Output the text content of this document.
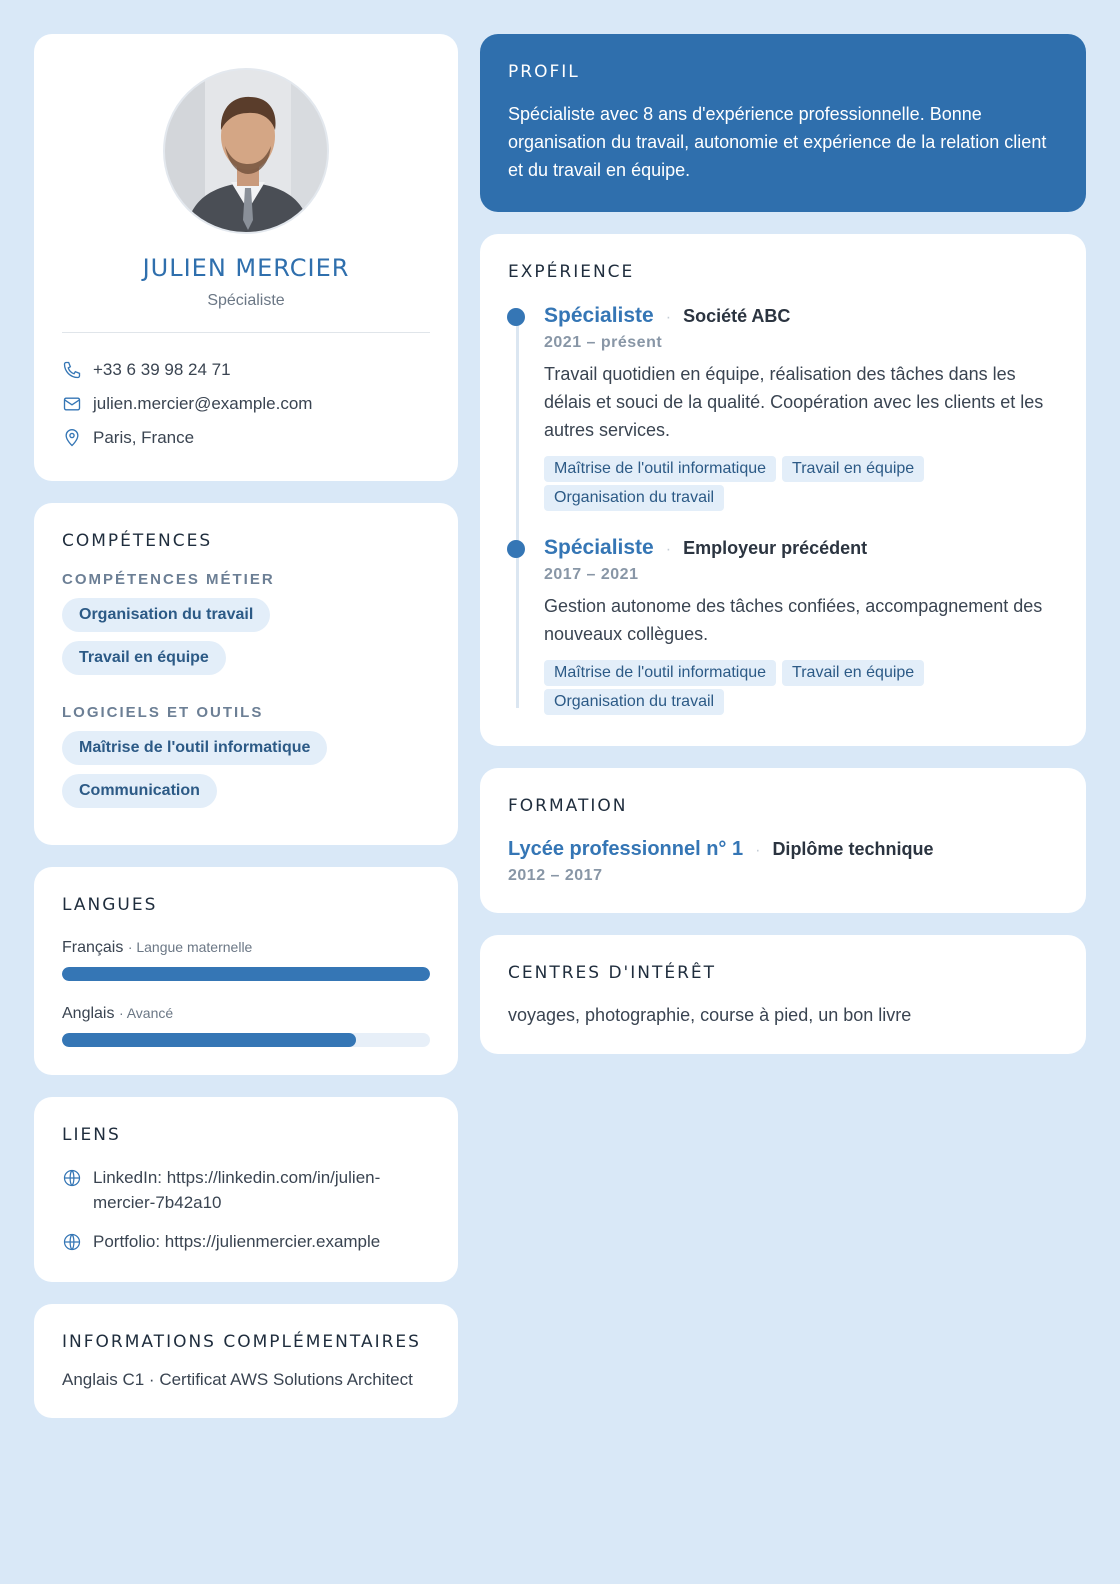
JULIEN MERCIER
Spécialiste
+33 6 39 98 24 71
julien.mercier@example.com
Paris, France
COMPÉTENCES
COMPÉTENCES MÉTIER
Organisation du travail
Travail en équipe
LOGICIELS ET OUTILS
Maîtrise de l'outil informatique
Communication
LANGUES
Français · Langue maternelle
Anglais · Avancé
LIENS
LinkedIn: https://linkedin.com/in/julien-mercier-7b42a10
Portfolio: https://julienmercier.example
INFORMATIONS COMPLÉMENTAIRES
Anglais C1 · Certificat AWS Solutions Architect
PROFIL
Spécialiste avec 8 ans d'expérience professionnelle. Bonne organisation du travail, autonomie et expérience de la relation client et du travail en équipe.
EXPÉRIENCE
Spécialiste · Société ABC
2021 – présent
Travail quotidien en équipe, réalisation des tâches dans les délais et souci de la qualité. Coopération avec les clients et les autres services.
Maîtrise de l'outil informatique Travail en équipeOrganisation du travail
Spécialiste · Employeur précédent
2017 – 2021
Gestion autonome des tâches confiées, accompagnement des nouveaux collègues.
Maîtrise de l'outil informatique Travail en équipeOrganisation du travail
FORMATION
Lycée professionnel n° 1 · Diplôme technique
2012 – 2017
CENTRES D'INTÉRÊT
voyages, photographie, course à pied, un bon livre
